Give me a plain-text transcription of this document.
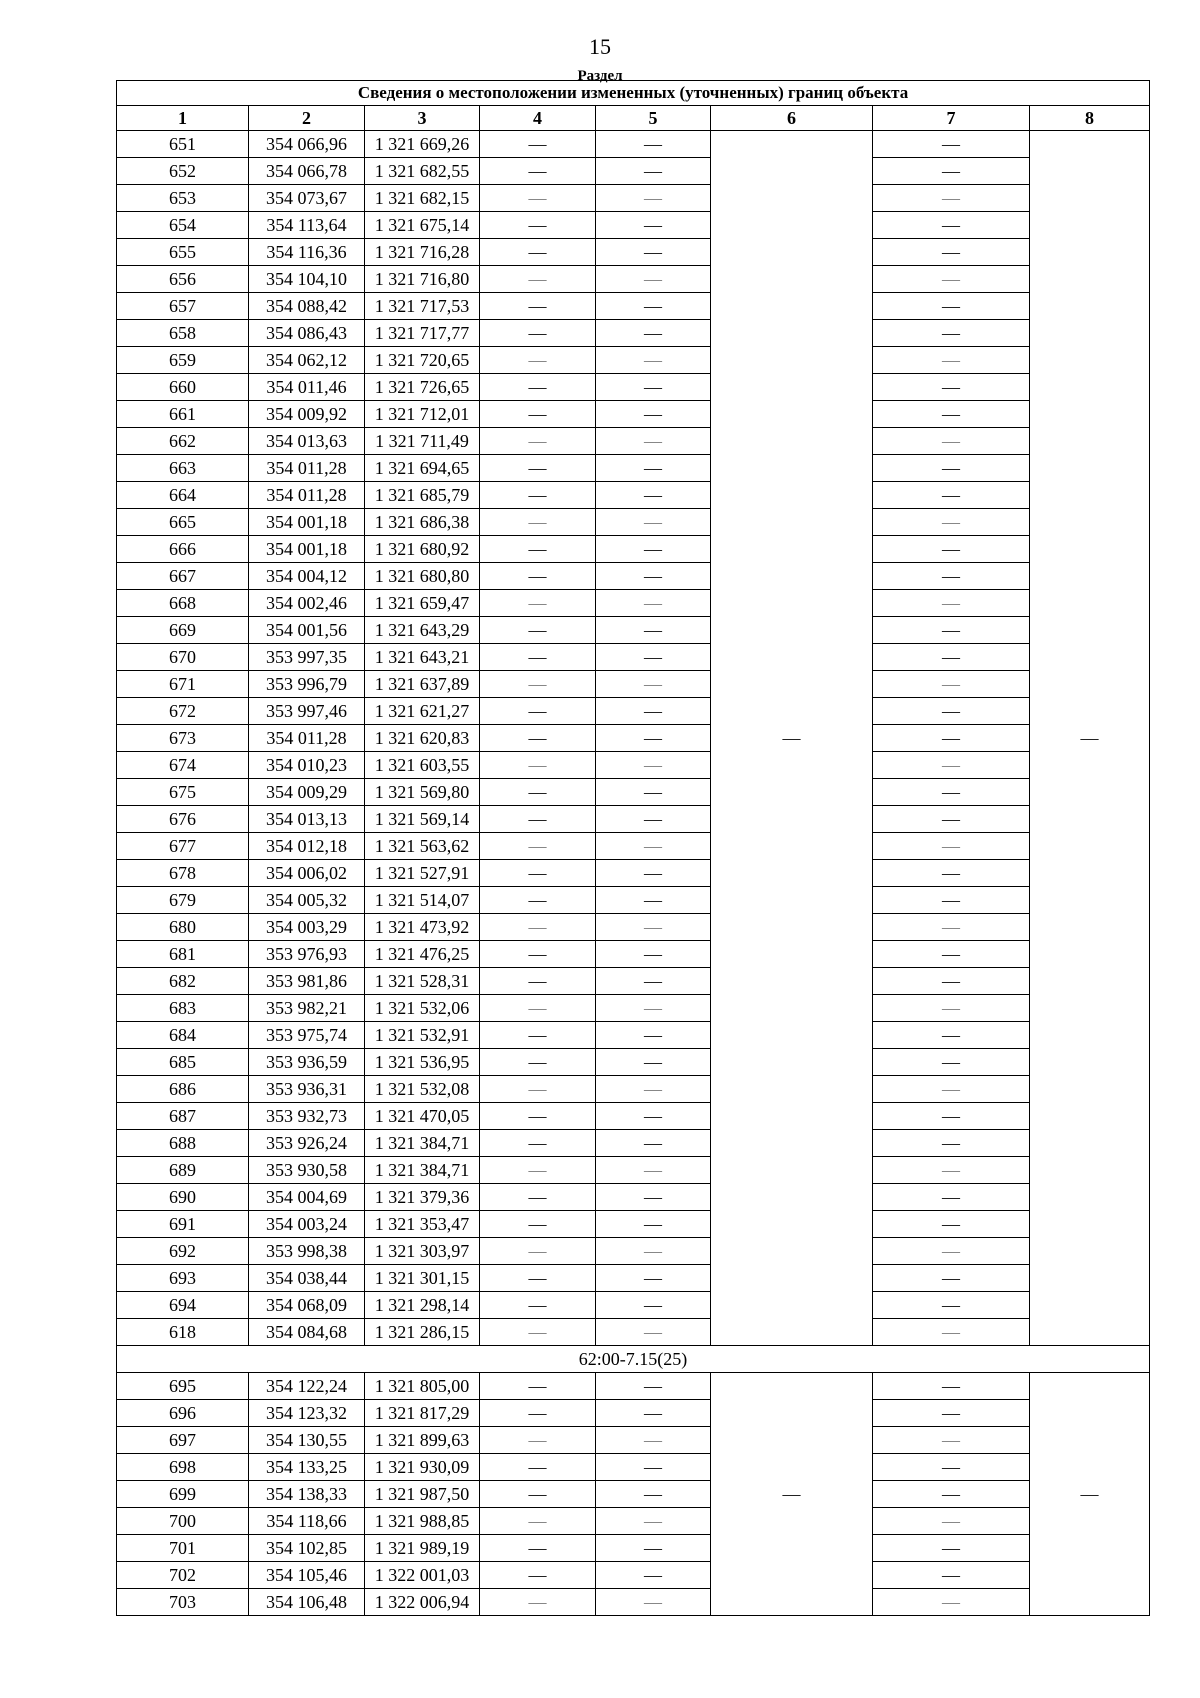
15
Раздел
Сведения о местоположении измененных (уточненных) границ объекта							
1	2	3	4	5	6	7	8
651	354 066,96	1 321 669,26	—	—	—	—	—
652	354 066,78	1 321 682,55	—	—		—	
653	354 073,67	1 321 682,15	—	—		—	
654	354 113,64	1 321 675,14	—	—		—	
655	354 116,36	1 321 716,28	—	—		—	
656	354 104,10	1 321 716,80	—	—		—	
657	354 088,42	1 321 717,53	—	—		—	
658	354 086,43	1 321 717,77	—	—		—	
659	354 062,12	1 321 720,65	—	—		—	
660	354 011,46	1 321 726,65	—	—		—	
661	354 009,92	1 321 712,01	—	—		—	
662	354 013,63	1 321 711,49	—	—		—	
663	354 011,28	1 321 694,65	—	—		—	
664	354 011,28	1 321 685,79	—	—		—	
665	354 001,18	1 321 686,38	—	—		—	
666	354 001,18	1 321 680,92	—	—		—	
667	354 004,12	1 321 680,80	—	—		—	
668	354 002,46	1 321 659,47	—	—		—	
669	354 001,56	1 321 643,29	—	—		—	
670	353 997,35	1 321 643,21	—	—		—	
671	353 996,79	1 321 637,89	—	—		—	
672	353 997,46	1 321 621,27	—	—		—	
673	354 011,28	1 321 620,83	—	—		—	
674	354 010,23	1 321 603,55	—	—		—	
675	354 009,29	1 321 569,80	—	—		—	
676	354 013,13	1 321 569,14	—	—		—	
677	354 012,18	1 321 563,62	—	—		—	
678	354 006,02	1 321 527,91	—	—		—	
679	354 005,32	1 321 514,07	—	—		—	
680	354 003,29	1 321 473,92	—	—		—	
681	353 976,93	1 321 476,25	—	—		—	
682	353 981,86	1 321 528,31	—	—		—	
683	353 982,21	1 321 532,06	—	—		—	
684	353 975,74	1 321 532,91	—	—		—	
685	353 936,59	1 321 536,95	—	—		—	
686	353 936,31	1 321 532,08	—	—		—	
687	353 932,73	1 321 470,05	—	—		—	
688	353 926,24	1 321 384,71	—	—		—	
689	353 930,58	1 321 384,71	—	—		—	
690	354 004,69	1 321 379,36	—	—		—	
691	354 003,24	1 321 353,47	—	—		—	
692	353 998,38	1 321 303,97	—	—		—	
693	354 038,44	1 321 301,15	—	—		—	
694	354 068,09	1 321 298,14	—	—		—	
618	354 084,68	1 321 286,15	—	—		—	
62:00-7.15(25)							
695	354 122,24	1 321 805,00	—	—	—	—	—
696	354 123,32	1 321 817,29	—	—		—	
697	354 130,55	1 321 899,63	—	—		—	
698	354 133,25	1 321 930,09	—	—		—	
699	354 138,33	1 321 987,50	—	—		—	
700	354 118,66	1 321 988,85	—	—		—	
701	354 102,85	1 321 989,19	—	—		—	
702	354 105,46	1 322 001,03	—	—		—	
703	354 106,48	1 322 006,94	—	—		—	
